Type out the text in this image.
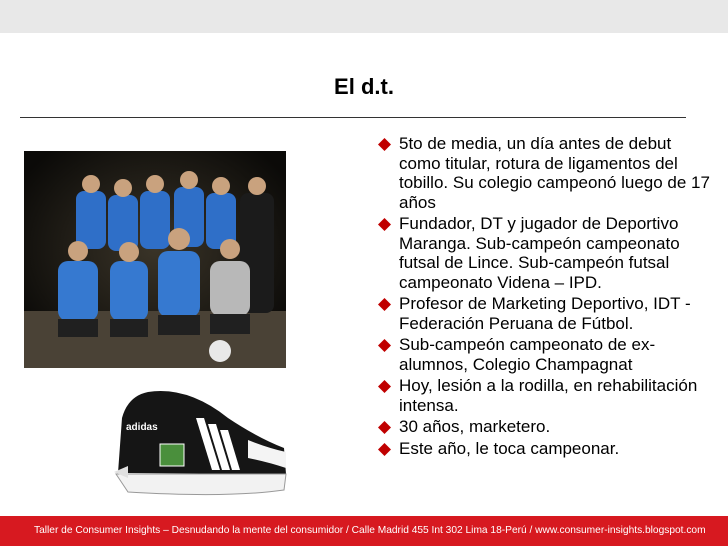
El d.t.
adidas
5to de media, un día antes de debut como titular, rotura de ligamentos del tobillo. Su colegio campeonó luego de 17 años
Fundador, DT y jugador de Deportivo Maranga. Sub-campeón campeonato futsal de Lince. Sub-campeón futsal campeonato Videna – IPD.
Profesor de Marketing Deportivo, IDT - Federación Peruana de Fútbol.
Sub-campeón campeonato de ex-alumnos, Colegio Champagnat
Hoy, lesión a la rodilla, en rehabilitación intensa.
30 años, marketero.
Este año, le toca campeonar.
Taller de Consumer Insights – Desnudando la mente del consumidor / Calle Madrid 455 Int 302 Lima 18-Perú / www.consumer-insights.blogspot.com
